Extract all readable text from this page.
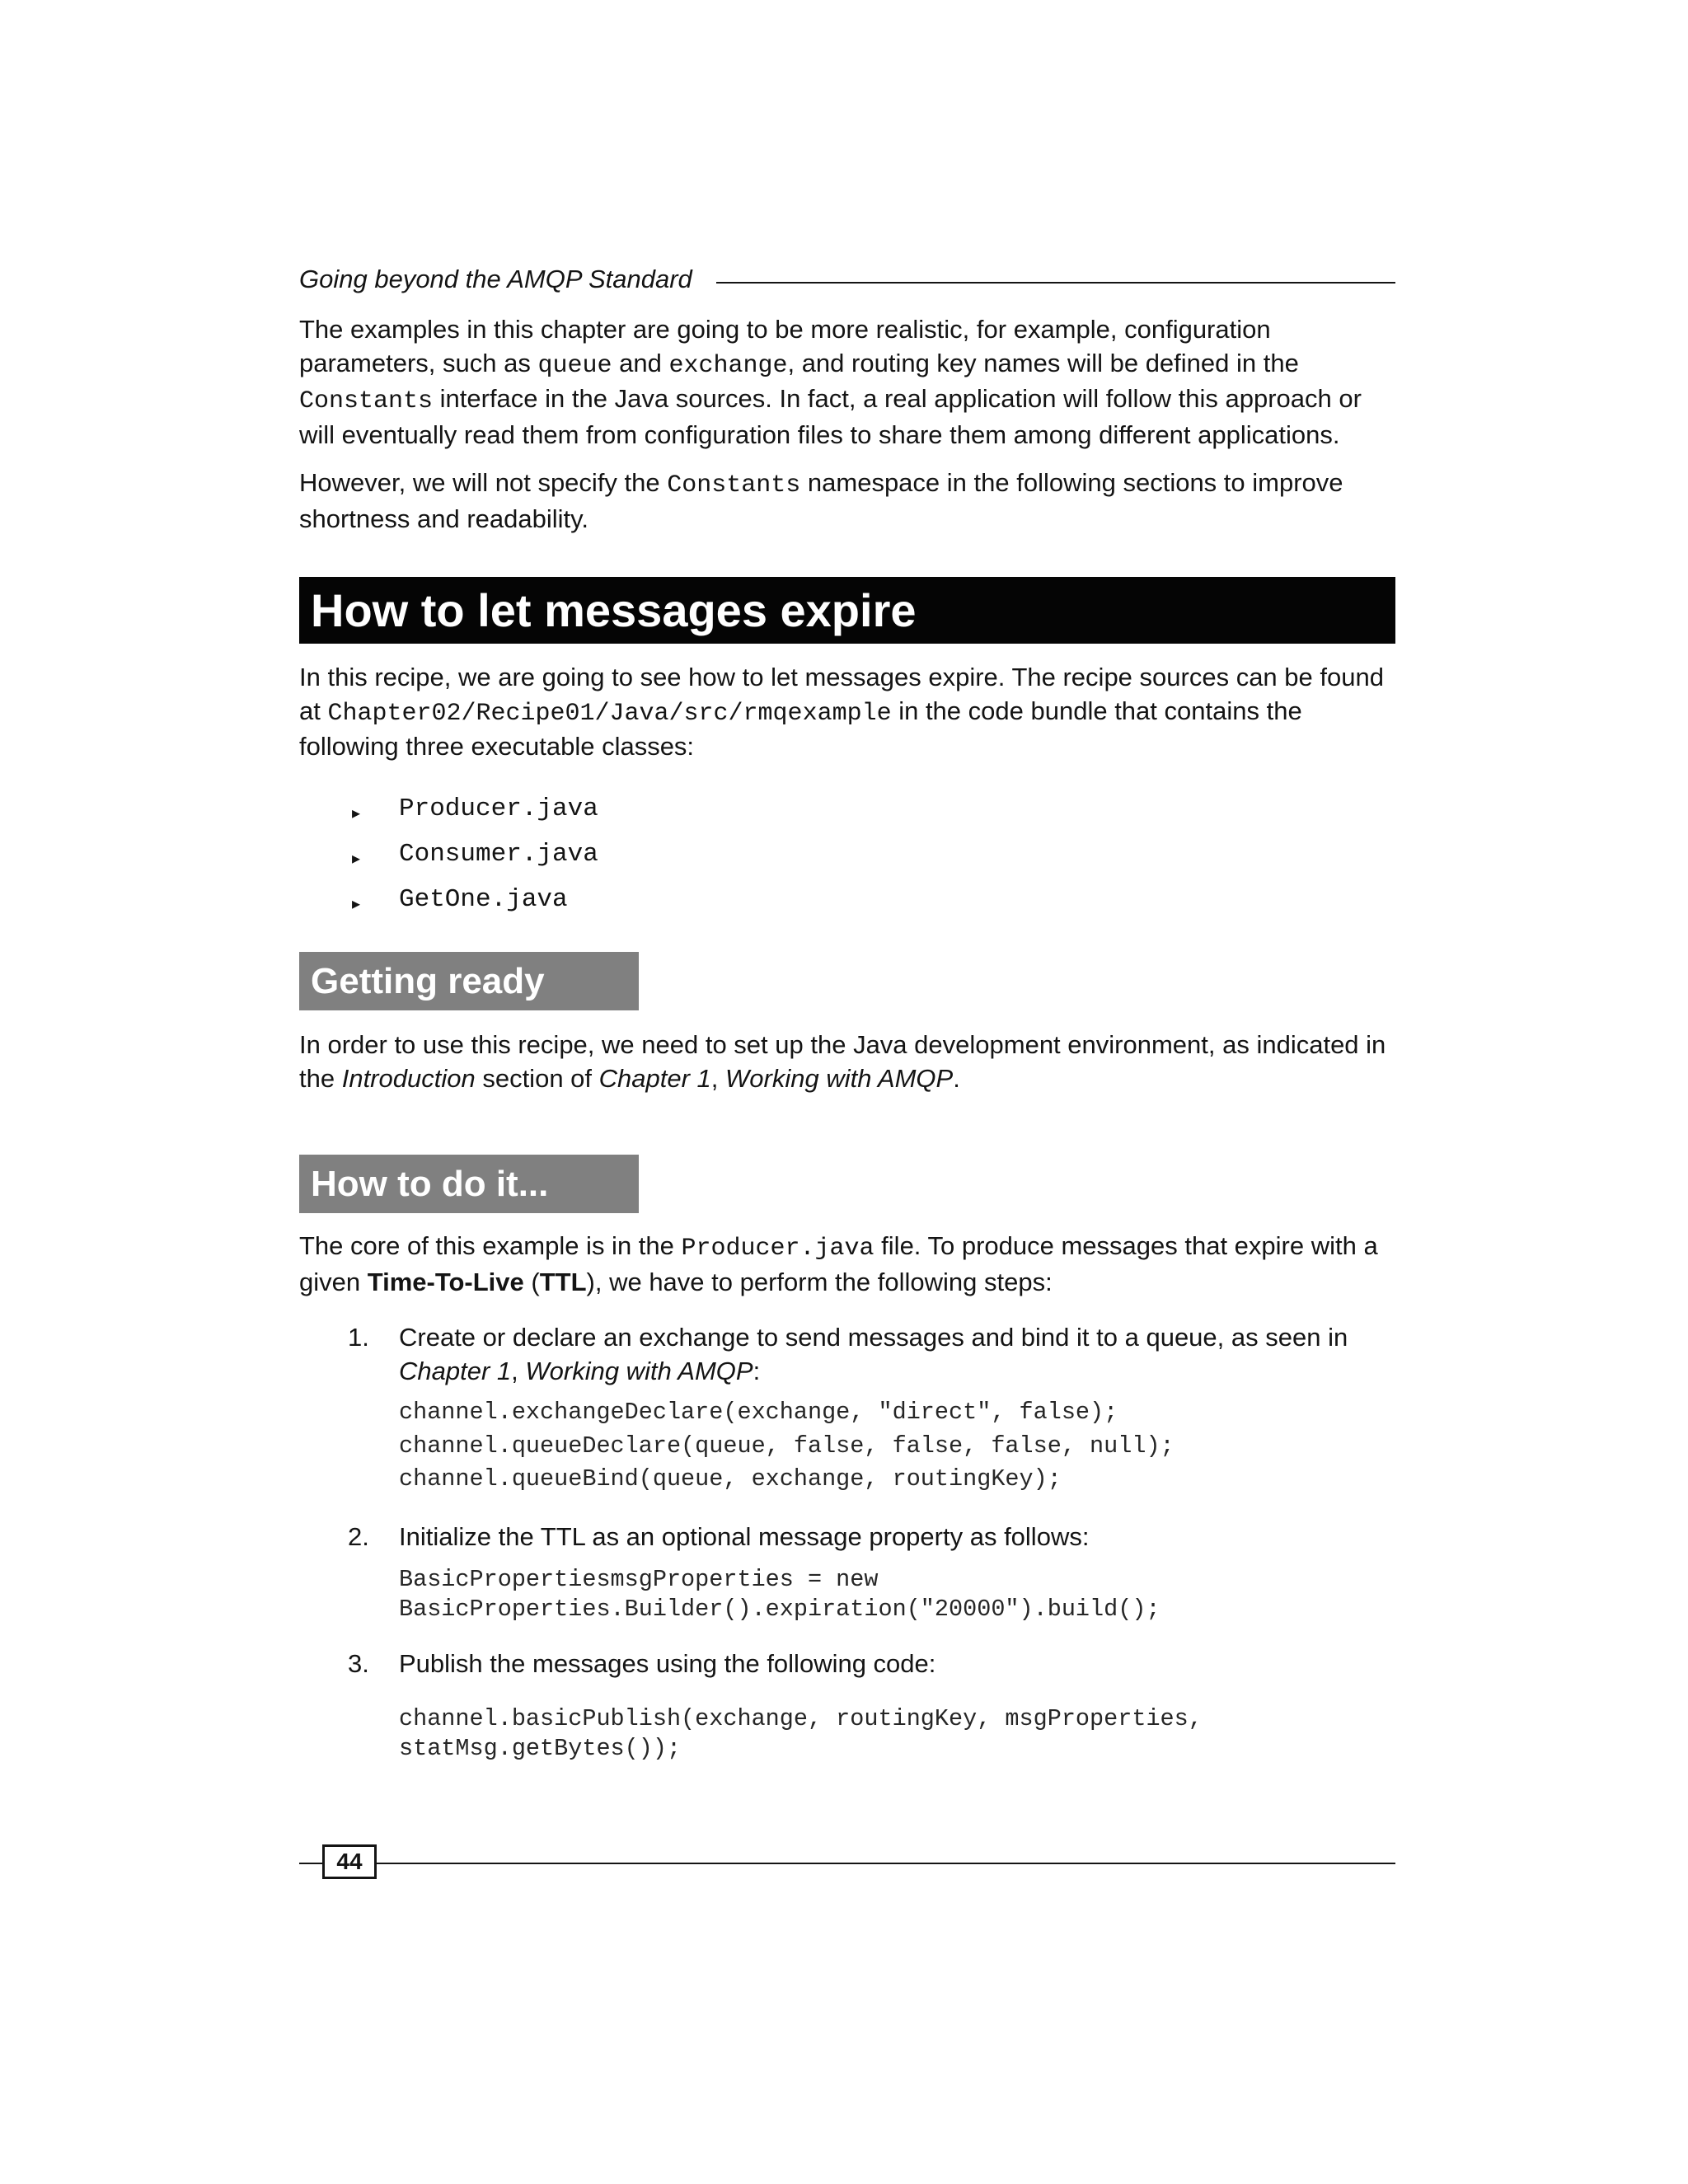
Going beyond the AMQP Standard

The examples in this chapter are going to be more realistic, for example, configuration parameters, such as queue and exchange, and routing key names will be defined in the Constants interface in the Java sources. In fact, a real application will follow this approach or will eventually read them from configuration files to share them among different applications.

However, we will not specify the Constants namespace in the following sections to improve shortness and readability.

How to let messages expire

In this recipe, we are going to see how to let messages expire. The recipe sources can be found at Chapter02/Recipe01/Java/src/rmqexample in the code bundle that contains the following three executable classes:

▸ Producer.java
▸ Consumer.java
▸ GetOne.java
Getting ready

In order to use this recipe, we need to set up the Java development environment, as indicated in the Introduction section of Chapter 1, Working with AMQP.

How to do it...

The core of this example is in the Producer.java file. To produce messages that expire with a given Time-To-Live (TTL), we have to perform the following steps:

1. Create or declare an exchange to send messages and bind it to a queue, as seen in Chapter 1, Working with AMQP:
channel.exchangeDeclare(exchange, "direct", false);
channel.queueDeclare(queue, false, false, false, null);
channel.queueBind(queue, exchange, routingKey);
2. Initialize the TTL as an optional message property as follows:
BasicPropertiesmsgProperties = new
BasicProperties.Builder().expiration("20000").build();
3. Publish the messages using the following code:
channel.basicPublish(exchange, routingKey, msgProperties,
statMsg.getBytes());
44
